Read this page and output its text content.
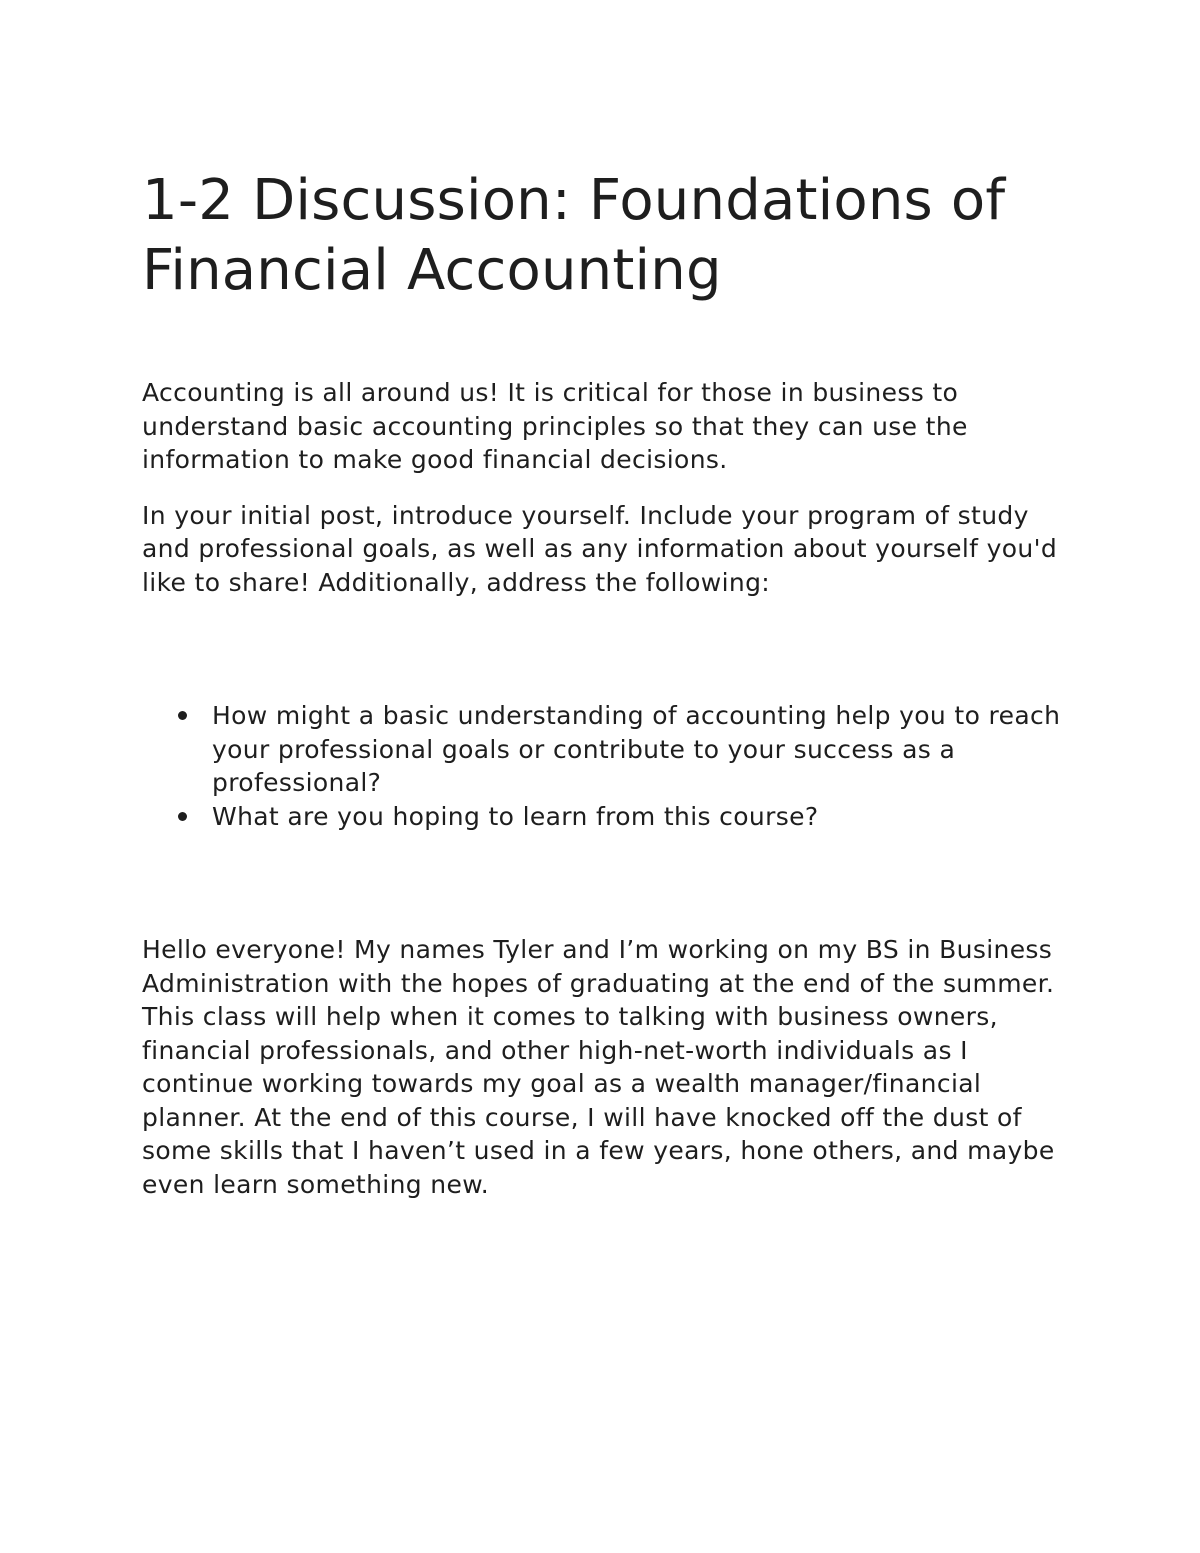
1-2 Discussion: Foundations of Financial Accounting

Accounting is all around us! It is critical for those in business to understand basic accounting principles so that they can use the information to make good financial decisions.

In your initial post, introduce yourself. Include your program of study and professional goals, as well as any information about yourself you'd like to share! Additionally, address the following:

How might a basic understanding of accounting help you to reach your professional goals or contribute to your success as a professional?
What are you hoping to learn from this course?

Hello everyone! My names Tyler and I’m working on my BS in Business Administration with the hopes of graduating at the end of the summer. This class will help when it comes to talking with business owners, financial professionals, and other high-net-worth individuals as I continue working towards my goal as a wealth manager/financial planner. At the end of this course, I will have knocked off the dust of some skills that I haven’t used in a few years, hone others, and maybe even learn something new.
